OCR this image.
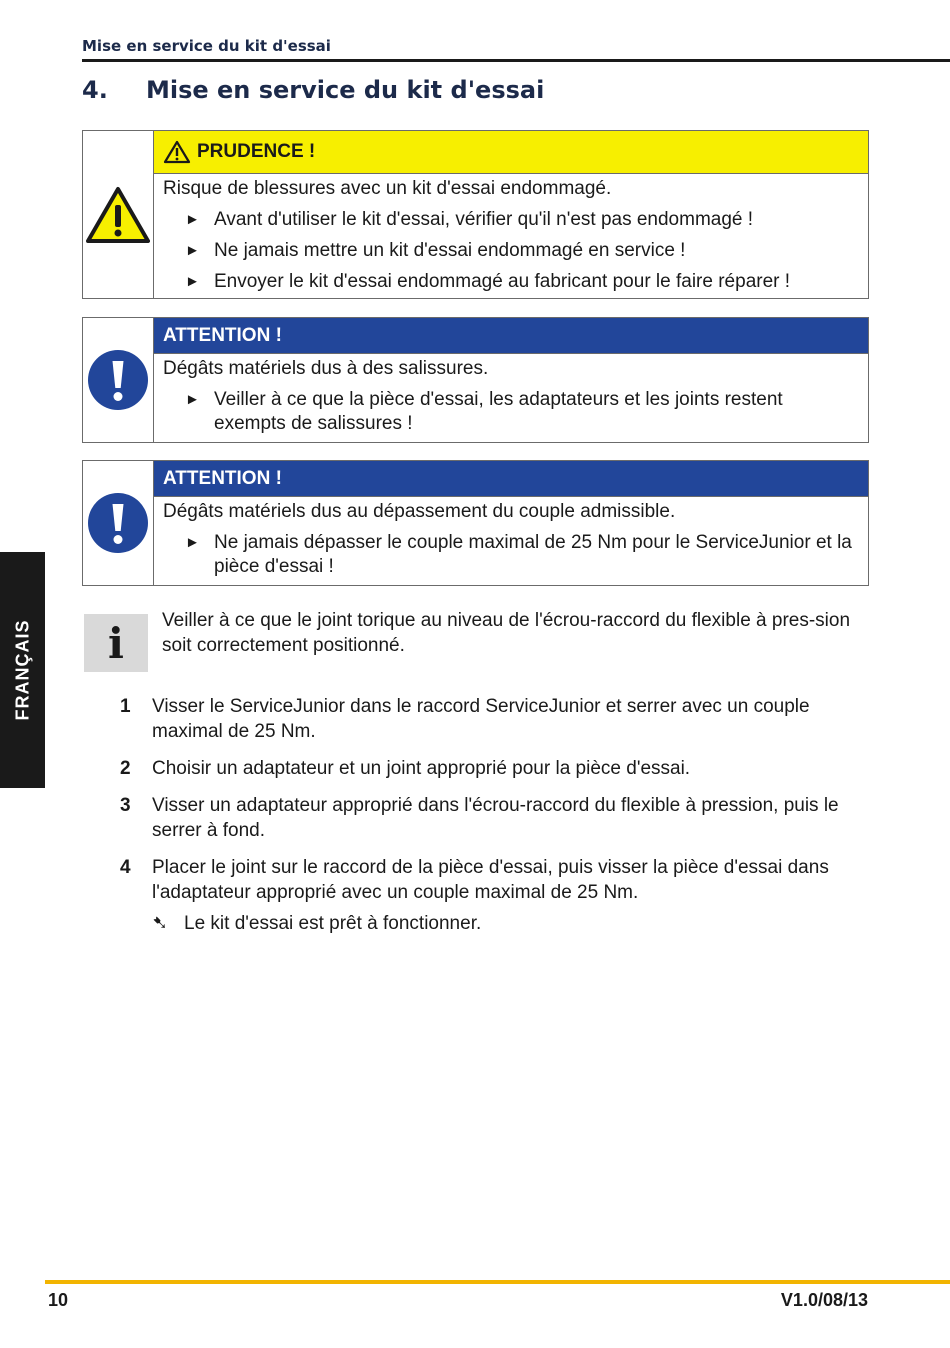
Mise en service du kit d'essai
4. Mise en service du kit d'essai
PRUDENCE !
Risque de blessures avec un kit d'essai endommagé.
► Avant d'utiliser le kit d'essai, vérifier qu'il n'est pas endommagé !
► Ne jamais mettre un kit d'essai endommagé en service !
► Envoyer le kit d'essai endommagé au fabricant pour le faire réparer !
ATTENTION !
Dégâts matériels dus à des salissures.
► Veiller à ce que la pièce d'essai, les adaptateurs et les joints restent exempts de salissures !
ATTENTION !
Dégâts matériels dus au dépassement du couple admissible.
► Ne jamais dépasser le couple maximal de 25 Nm pour le ServiceJunior et la pièce d'essai !
FRANÇAIS i Veiller à ce que le joint torique au niveau de l'écrou-raccord du flexible à pres-sion soit correctement positionné.
1	Visser le ServiceJunior dans le raccord ServiceJunior et serrer avec un couple maximal de 25 Nm.
2	Choisir un adaptateur et un joint approprié pour la pièce d'essai.
3	Visser un adaptateur approprié dans l'écrou-raccord du flexible à pression, puis le serrer à fond.
4	Placer le joint sur le raccord de la pièce d'essai, puis visser la pièce d'essai dans l'adaptateur approprié avec un couple maximal de 25 Nm.
➷ Le kit d'essai est prêt à fonctionner.
10	V1.0/08/13
